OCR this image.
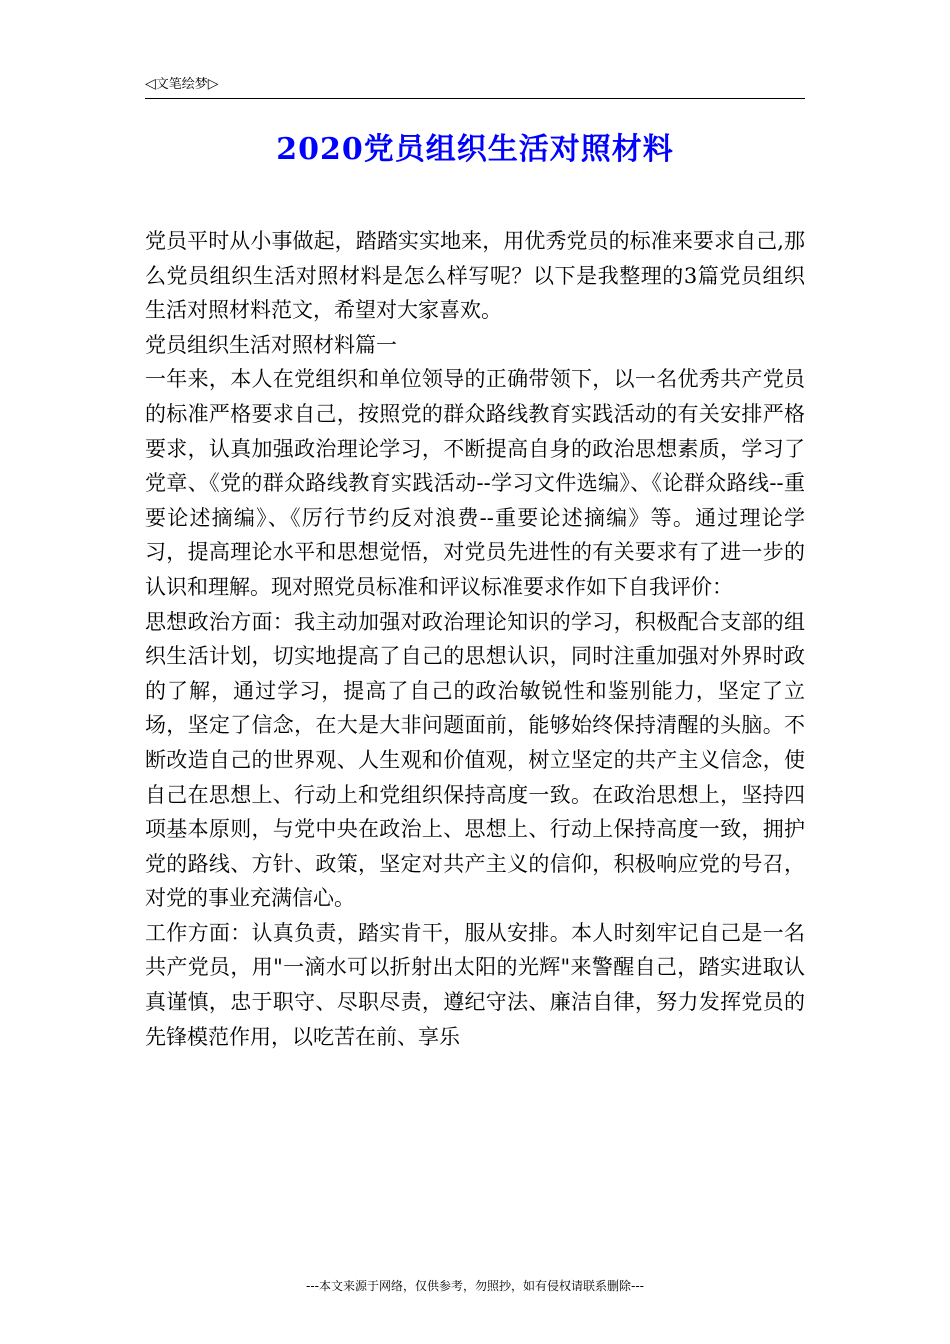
◁文笔绘梦▷
2020党员组织生活对照材料

党员平时从小事做起，踏踏实实地来，用优秀党员的标准来要求自己,那么党员组织生活对照材料是怎么样写呢？以下是我整理的3篇党员组织生活对照材料范文，希望对大家喜欢。

党员组织生活对照材料篇一

一年来，本人在党组织和单位领导的正确带领下，以一名优秀共产党员的标准严格要求自己，按照党的群众路线教育实践活动的有关安排严格要求，认真加强政治理论学习，不断提高自身的政治思想素质，学习了党章、《党的群众路线教育实践活动--学习文件选编》、《论群众路线--重要论述摘编》、《厉行节约反对浪费--重要论述摘编》等。通过理论学习，提高理论水平和思想觉悟，对党员先进性的有关要求有了进一步的认识和理解。现对照党员标准和评议标准要求作如下自我评价：

思想政治方面：我主动加强对政治理论知识的学习，积极配合支部的组织生活计划，切实地提高了自己的思想认识，同时注重加强对外界时政的了解，通过学习，提高了自己的政治敏锐性和鉴别能力，坚定了立场，坚定了信念，在大是大非问题面前，能够始终保持清醒的头脑。不断改造自己的世界观、人生观和价值观，树立坚定的共产主义信念，使自己在思想上、行动上和党组织保持高度一致。在政治思想上，坚持四项基本原则，与党中央在政治上、思想上、行动上保持高度一致，拥护党的路线、方针、政策，坚定对共产主义的信仰，积极响应党的号召，对党的事业充满信心。

工作方面：认真负责，踏实肯干，服从安排。本人时刻牢记自己是一名共产党员，用"一滴水可以折射出太阳的光辉"来警醒自己，踏实进取认真谨慎，忠于职守、尽职尽责，遵纪守法、廉洁自律，努力发挥党员的先锋模范作用，以吃苦在前、享乐

---本文来源于网络，仅供参考，勿照抄，如有侵权请联系删除---
